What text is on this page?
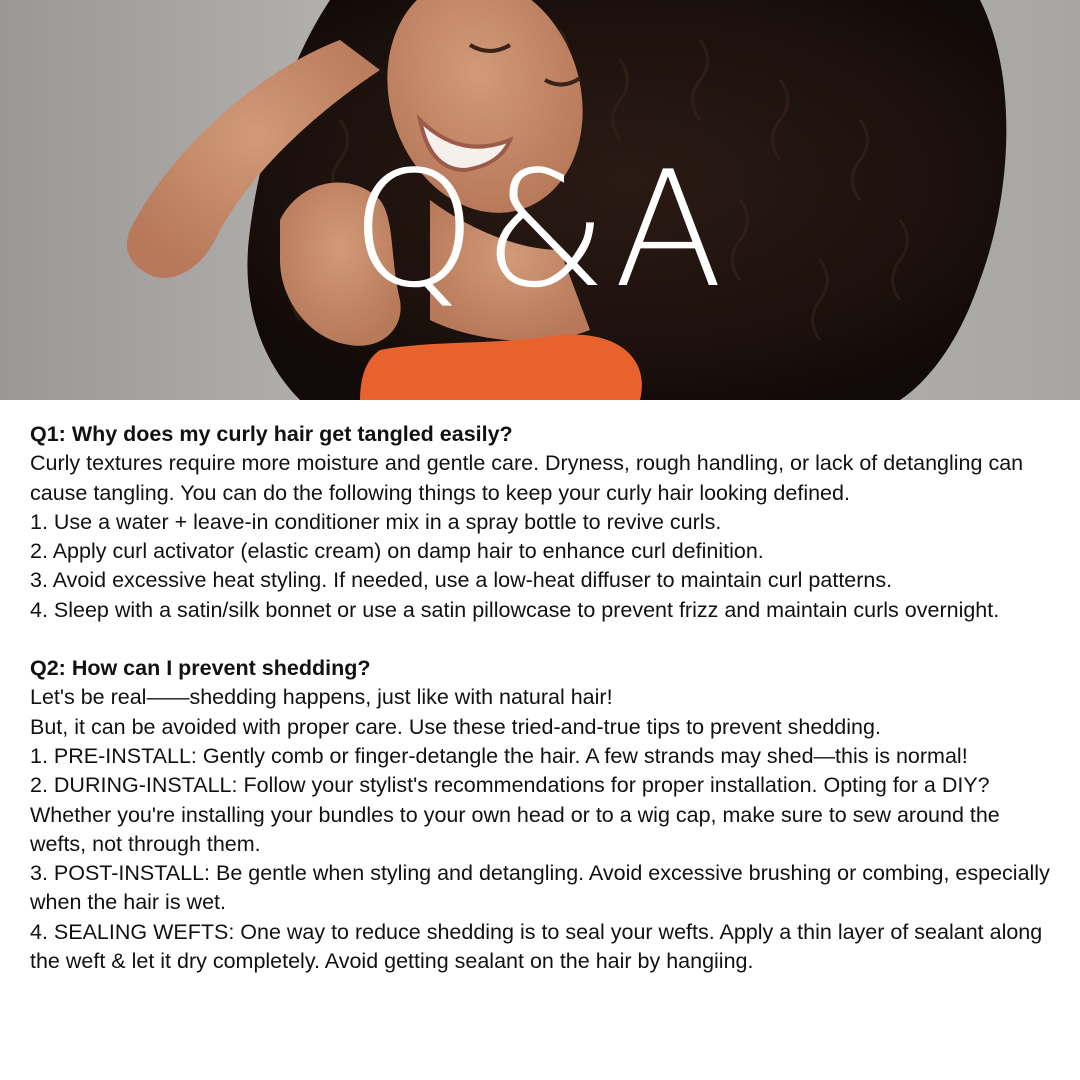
Q&A

Q1: Why does my curly hair get tangled easily?

Curly textures require more moisture and gentle care. Dryness, rough handling, or lack of detangling can cause tangling. You can do the following things to keep your curly hair looking defined.

1. Use a water + leave-in conditioner mix in a spray bottle to revive curls.

2. Apply curl activator (elastic cream) on damp hair to enhance curl definition.

3. Avoid excessive heat styling. If needed, use a low-heat diffuser to maintain curl patterns.

4. Sleep with a satin/silk bonnet or use a satin pillowcase to prevent frizz and maintain curls overnight.

Q2: How can I prevent shedding?

Let's be real——shedding happens, just like with natural hair!

But, it can be avoided with proper care. Use these tried-and-true tips to prevent shedding.

1. PRE-INSTALL: Gently comb or finger-detangle the hair. A few strands may shed—this is normal!

2. DURING-INSTALL: Follow your stylist's recommendations for proper installation. Opting for a DIY? Whether you're installing your bundles to your own head or to a wig cap, make sure to sew around the wefts, not through them.

3. POST-INSTALL: Be gentle when styling and detangling. Avoid excessive brushing or combing, especially when the hair is wet.

4. SEALING WEFTS: One way to reduce shedding is to seal your wefts. Apply a thin layer of sealant along the weft & let it dry completely. Avoid getting sealant on the hair by hangiing.
